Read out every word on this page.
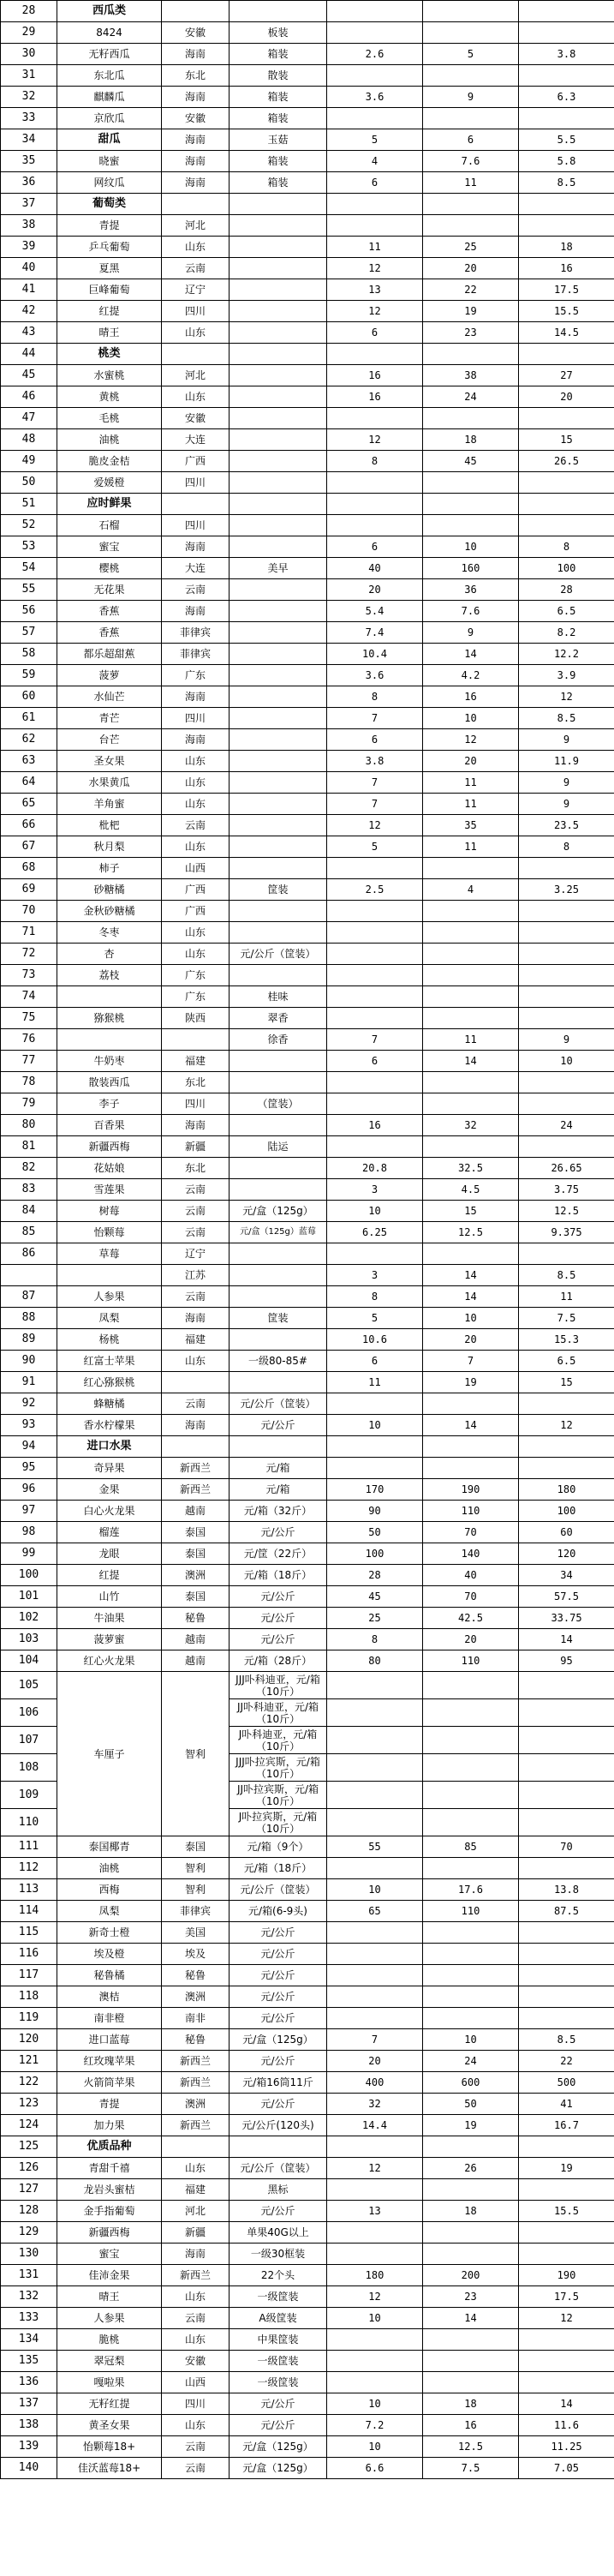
28	西瓜类					
29	8424	安徽	板装			
30	无籽西瓜	海南	箱装	2.6	5	3.8
31	东北瓜	东北	散装			
32	麒麟瓜	海南	箱装	3.6	9	6.3
33	京欣瓜	安徽	箱装			
34	甜瓜	海南	玉菇	5	6	5.5
35	晓蜜	海南	箱装	4	7.6	5.8
36	网纹瓜	海南	箱装	6	11	8.5
37	葡萄类					
38	青提	河北				
39	乒乓葡萄	山东		11	25	18
40	夏黑	云南		12	20	16
41	巨峰葡萄	辽宁		13	22	17.5
42	红提	四川		12	19	15.5
43	晴王	山东		6	23	14.5
44	桃类					
45	水蜜桃	河北		16	38	27
46	黄桃	山东		16	24	20
47	毛桃	安徽				
48	油桃	大连		12	18	15
49	脆皮金桔	广西		8	45	26.5
50	爱媛橙	四川				
51	应时鲜果					
52	石榴	四川				
53	蜜宝	海南		6	10	8
54	樱桃	大连	美早	40	160	100
55	无花果	云南		20	36	28
56	香蕉	海南		5.4	7.6	6.5
57	香蕉	菲律宾		7.4	9	8.2
58	都乐超甜蕉	菲律宾		10.4	14	12.2
59	菠萝	广东		3.6	4.2	3.9
60	水仙芒	海南		8	16	12
61	青芒	四川		7	10	8.5
62	台芒	海南		6	12	9
63	圣女果	山东		3.8	20	11.9
64	水果黄瓜	山东		7	11	9
65	羊角蜜	山东		7	11	9
66	枇杷	云南		12	35	23.5
67	秋月梨	山东		5	11	8
68	柿子	山西				
69	砂糖橘	广西	筐装	2.5	4	3.25
70	金秋砂糖橘	广西				
71	冬枣	山东				
72	杏	山东	元/公斤（筐装）			
73	荔枝	广东				
74		广东	桂味			
75	猕猴桃	陕西	翠香			
76			徐香	7	11	9
77	牛奶枣	福建		6	14	10
78	散装西瓜	东北				
79	李子	四川	（筐装）			
80	百香果	海南		16	32	24
81	新疆西梅	新疆	陆运			
82	花姑娘	东北		20.8	32.5	26.65
83	雪莲果	云南		3	4.5	3.75
84	树莓	云南	元/盒（125g）	10	15	12.5
85	怡颗莓	云南	元/盒（125g）蓝莓	6.25	12.5	9.375
86	草莓	辽宁				
		江苏		3	14	8.5
87	人参果	云南		8	14	11
88	凤梨	海南	筐装	5	10	7.5
89	杨桃	福建		10.6	20	15.3
90	红富士苹果	山东	一级80-85#	6	7	6.5
91	红心猕猴桃			11	19	15
92	蜂糖橘	云南	元/公斤（筐装）			
93	香水柠檬果	海南	元/公斤	10	14	12
94	进口水果					
95	奇异果	新西兰	元/箱			
96	金果	新西兰	元/箱	170	190	180
97	白心火龙果	越南	元/箱（32斤）	90	110	100
98	榴莲	泰国	元/公斤	50	70	60
99	龙眼	泰国	元/筐（22斤）	100	140	120
100	红提	澳洲	元/箱（18斤）	28	40	34
101	山竹	泰国	元/公斤	45	70	57.5
102	牛油果	秘鲁	元/公斤	25	42.5	33.75
103	菠萝蜜	越南	元/公斤	8	20	14
104	红心火龙果	越南	元/箱（28斤）	80	110	95
105	车厘子	智利	JJJ卟科迪亚，元/箱（10斤）			
106			JJ卟科迪亚，元/箱（10斤）			
107			J卟科迪亚，元/箱（10斤）			
108			JJJ卟拉宾斯，元/箱（10斤）			
109			JJ卟拉宾斯，元/箱（10斤）			
110			J卟拉宾斯，元/箱（10斤）			
111	泰国椰青	泰国	元/箱（9个）	55	85	70
112	油桃	智利	元/箱（18斤）			
113	西梅	智利	元/公斤（筐装）	10	17.6	13.8
114	凤梨	菲律宾	元/箱(6-9头)	65	110	87.5
115	新奇士橙	美国	元/公斤			
116	埃及橙	埃及	元/公斤			
117	秘鲁橘	秘鲁	元/公斤			
118	澳桔	澳洲	元/公斤			
119	南非橙	南非	元/公斤			
120	进口蓝莓	秘鲁	元/盒（125g）	7	10	8.5
121	红玫瑰苹果	新西兰	元/公斤	20	24	22
122	火箭筒苹果	新西兰	元/箱16筒11斤	400	600	500
123	青提	澳洲	元/公斤	32	50	41
124	加力果	新西兰	元/公斤(120头)	14.4	19	16.7
125	优质品种					
126	青甜千禧	山东	元/公斤（筐装）	12	26	19
127	龙岩头蜜桔	福建	黑标			
128	金手指葡萄	河北	元/公斤	13	18	15.5
129	新疆西梅	新疆	单果40G以上			
130	蜜宝	海南	一级30框装			
131	佳沛金果	新西兰	22个头	180	200	190
132	晴王	山东	一级筐装	12	23	17.5
133	人参果	云南	A级筐装	10	14	12
134	脆桃	山东	中果筐装			
135	翠冠梨	安徽	一级筐装			
136	嘎啦果	山西	一级筐装			
137	无籽红提	四川	元/公斤	10	18	14
138	黄圣女果	山东	元/公斤	7.2	16	11.6
139	怡颗莓18+	云南	元/盒（125g）	10	12.5	11.25
140	佳沃蓝莓18+	云南	元/盒（125g）	6.6	7.5	7.05
